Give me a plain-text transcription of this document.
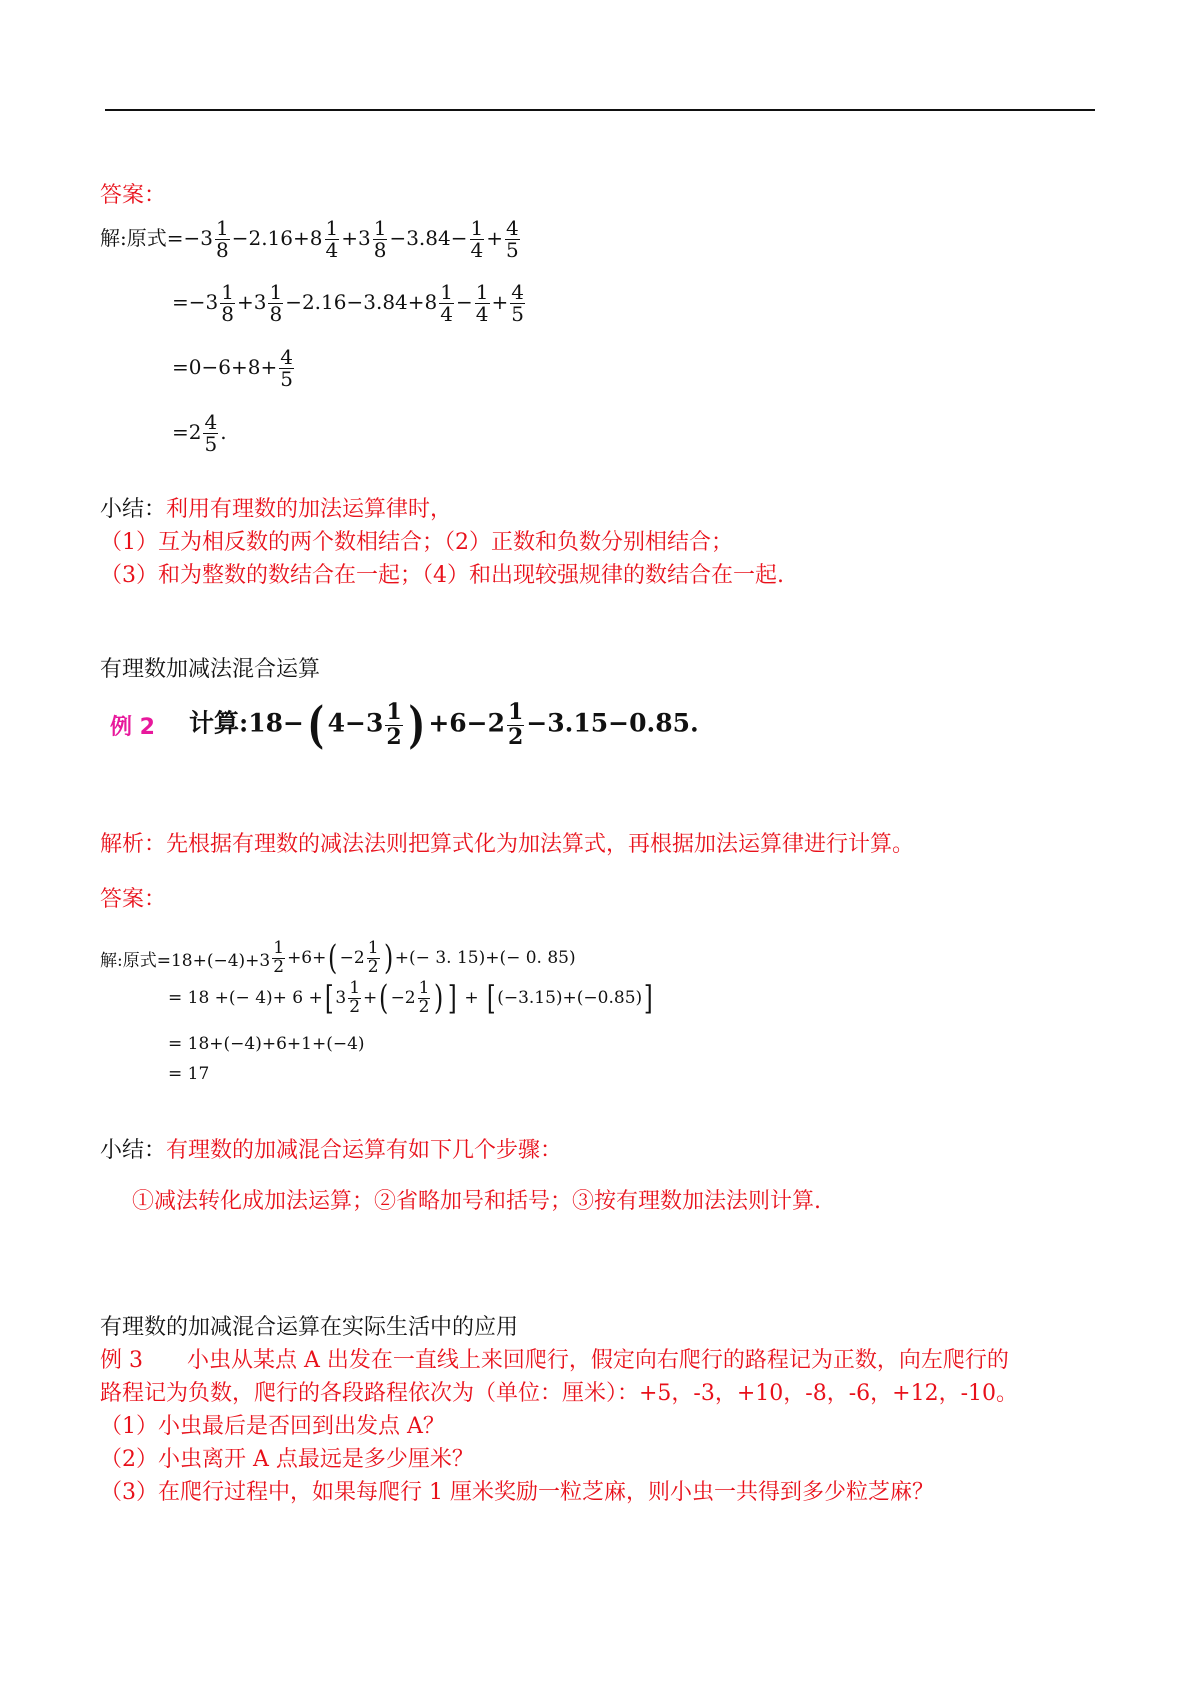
答案：
解:原式$=-3 \frac{1}{8} -2.16+8 \frac{1}{4} +3 \frac{1}{8} -3.84- \frac{1}{4} + \frac{4}{5}$
$=-3 \frac{1}{8} +3 \frac{1}{8} -2.16-3.84+8 \frac{1}{4} - \frac{1}{4} + \frac{4}{5}$
$=0-6+8+ \frac{4}{5}$
$=2 \frac{4}{5}$ .
小结：利用有理数的加法运算律时，
（1）互为相反数的两个数相结合；（2）正数和负数分别相结合；
（3）和为整数的数结合在一起；（4）和出现较强规律的数结合在一起.
有理数加减法混合运算
例 2 计算:18−( $4-3 \frac{1}{2}$ ) $+6-2 \frac{1}{2} -3.15-0.85$.
解析：先根据有理数的减法法则把算式化为加法算式，再根据加法运算律进行计算。
答案：
解:原式$=18+(-4)+3 \frac{1}{2} +6+( -2 \frac{1}{2}$ ) +(− 3. 15)+(− 0. 85)
= 18 +(− 4)+ 6 +[ $3 \frac{1}{2}$ +( $-2 \frac{1}{2}$ ) ] + [ (−3.15)+(−0.85)]
= 18+(−4)+6+1+(−4)
= 17
小结：有理数的加减混合运算有如下几个步骤：
①减法转化成加法运算；②省略加号和括号；③按有理数加法法则计算.
有理数的加减混合运算在实际生活中的应用
例 3　　小虫从某点 A 出发在一直线上来回爬行，假定向右爬行的路程记为正数，向左爬行的
路程记为负数，爬行的各段路程依次为（单位：厘米）：+5，-3，+10，-8，-6，+12，-10。
（1）小虫最后是否回到出发点 A？
（2）小虫离开 A 点最远是多少厘米？
（3）在爬行过程中，如果每爬行 1 厘米奖励一粒芝麻，则小虫一共得到多少粒芝麻？
